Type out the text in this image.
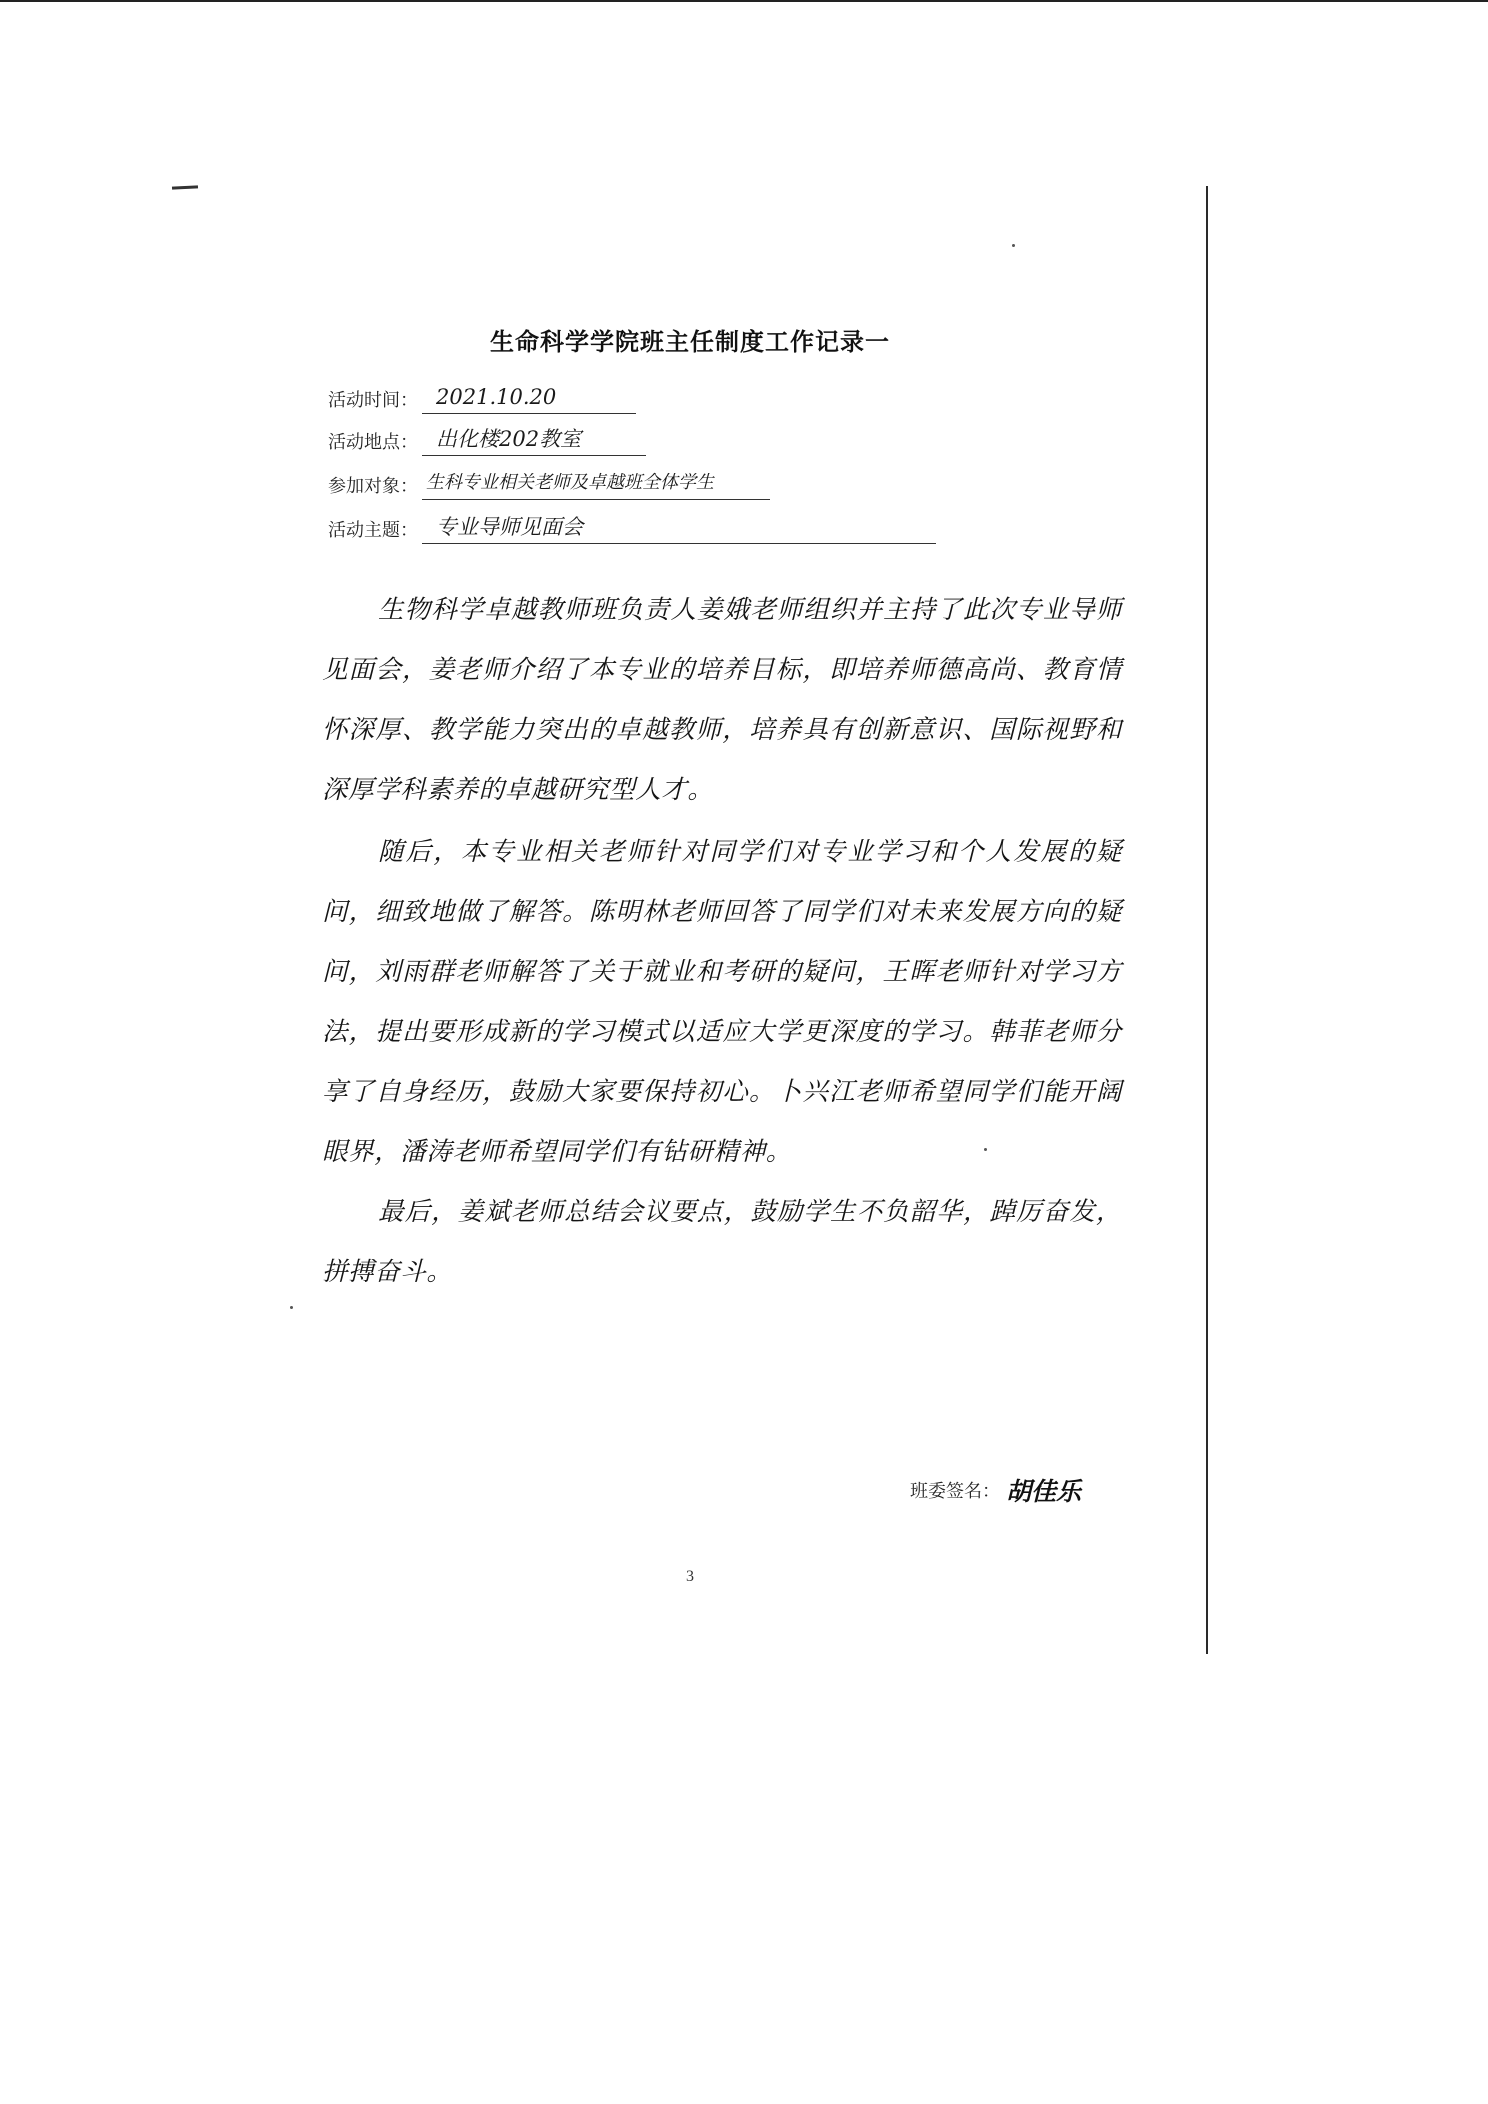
生命科学学院班主任制度工作记录一
活动时间： 2021.10.20
活动地点： 出化楼202教室
参加对象： 生科专业相关老师及卓越班全体学生
活动主题： 专业导师见面会

生物科学卓越教师班负责人姜娥老师组织并主持了此次专业导师见面会，姜老师介绍了本专业的培养目标，即培养师德高尚、教育情怀深厚、教学能力突出的卓越教师，培养具有创新意识、国际视野和深厚学科素养的卓越研究型人才。

随后，本专业相关老师针对同学们对专业学习和个人发展的疑问，细致地做了解答。陈明林老师回答了同学们对未来发展方向的疑问，刘雨群老师解答了关于就业和考研的疑问，王晖老师针对学习方法，提出要形成新的学习模式以适应大学更深度的学习。韩菲老师分享了自身经历，鼓励大家要保持初心。卜兴江老师希望同学们能开阔眼界，潘涛老师希望同学们有钻研精神。

最后，姜斌老师总结会议要点，鼓励学生不负韶华，踔厉奋发，拼搏奋斗。

班委签名： 胡佳乐
3
